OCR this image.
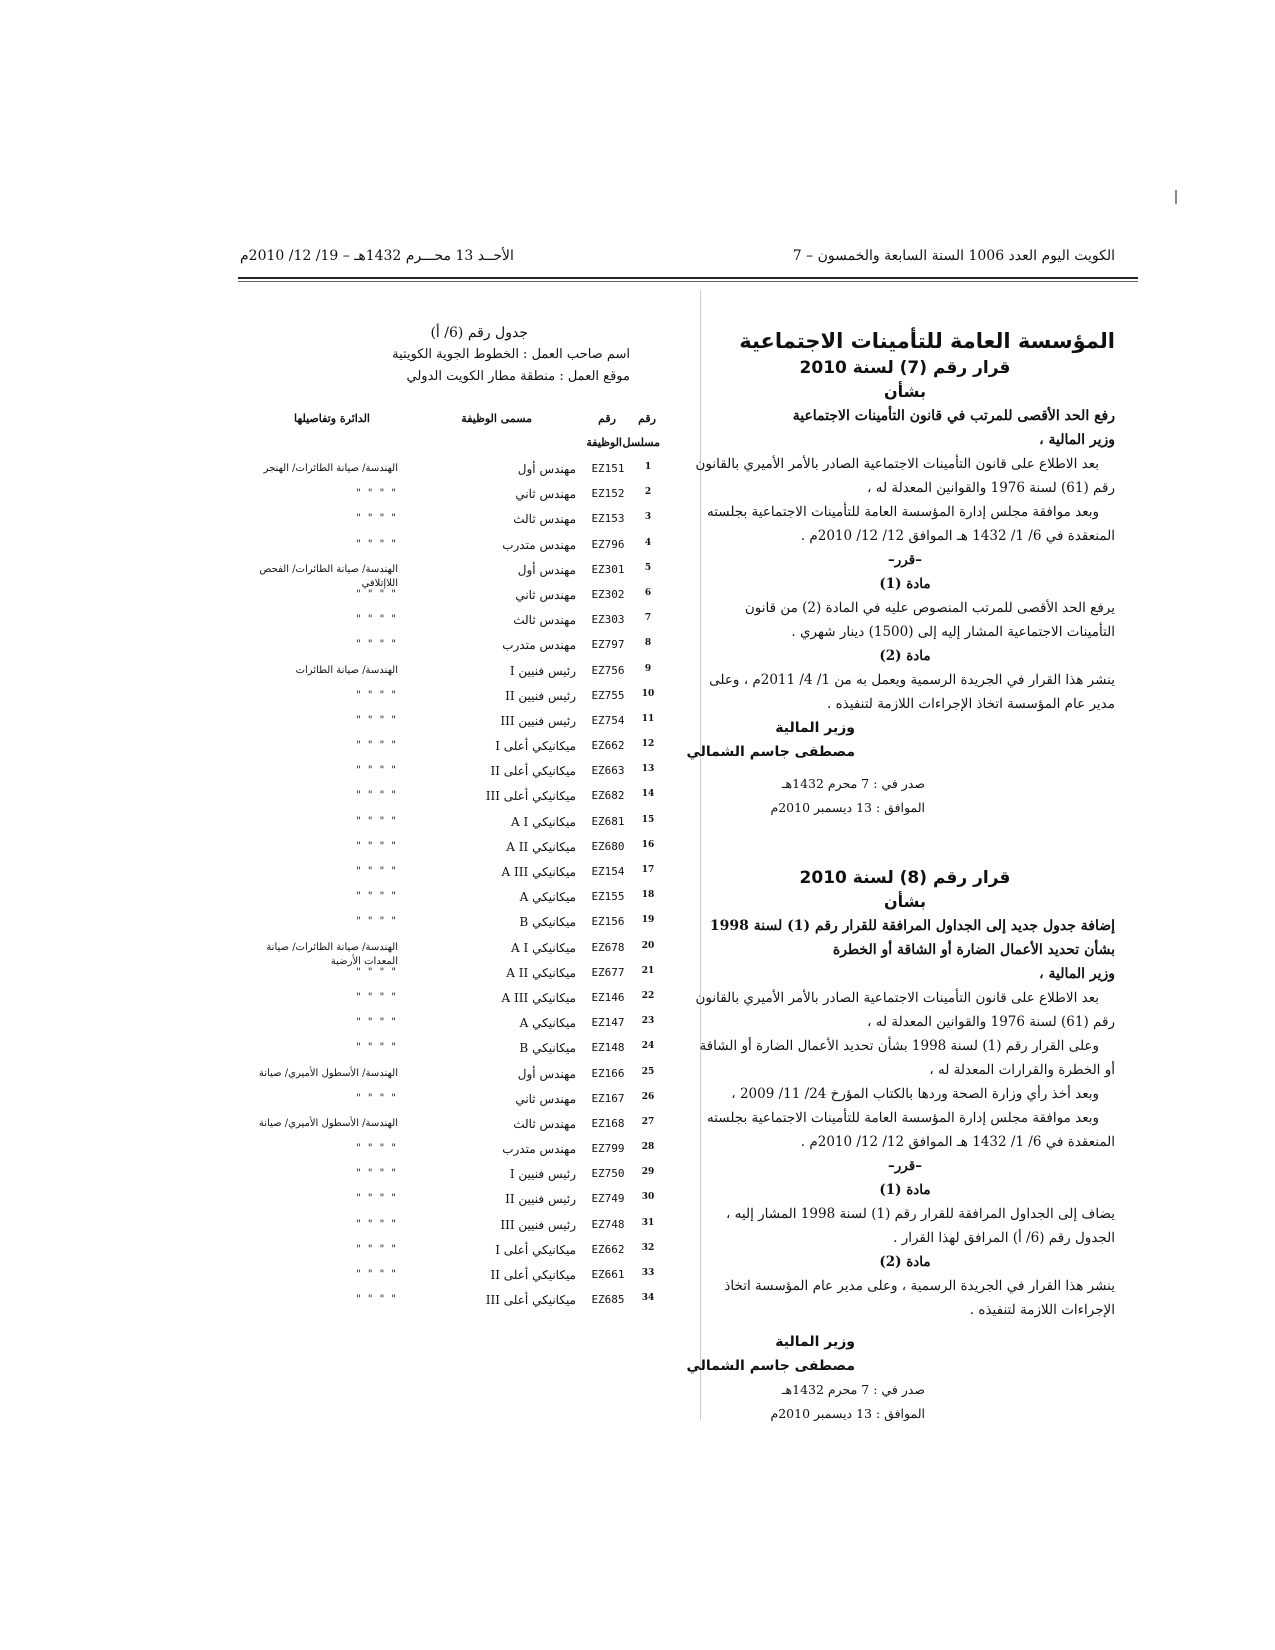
الكويت اليوم العدد 1006 السنة السابعة والخمسون – 7
الأحــد 13 محـــرم 1432هـ – 19/ 12/ 2010م

المؤسسة العامة للتأمينات الاجتماعية

قرار رقم (7) لسنة 2010

بشأن

رفع الحد الأقصى للمرتب في قانون التأمينات الاجتماعية

وزير المالية ،

بعد الاطلاع على قانون التأمينات الاجتماعية الصادر بالأمر الأميري بالقانون رقم (61) لسنة 1976 والقوانين المعدلة له ،

وبعد موافقة مجلس إدارة المؤسسة العامة للتأمينات الاجتماعية بجلسته المنعقدة في 6/ 1/ 1432 هـ الموافق 12/ 12/ 2010م .

–قرر–

مادة (1)

يرفع الحد الأقصى للمرتب المنصوص عليه في المادة (2) من قانون التأمينات الاجتماعية المشار إليه إلى (1500) دينار شهري .

مادة (2)

ينشر هذا القرار في الجريدة الرسمية ويعمل به من 1/ 4/ 2011م ، وعلى مدير عام المؤسسة اتخاذ الإجراءات اللازمة لتنفيذه .

وزير المالية

مصطفى جاسم الشمالي

صدر في : 7 محرم 1432هـ

الموافق : 13 ديسمبر 2010م

قرار رقم (8) لسنة 2010

بشأن

إضافة جدول جديد إلى الجداول المرافقة للقرار رقم (1) لسنة 1998 بشأن تحديد الأعمال الضارة أو الشاقة أو الخطرة

وزير المالية ،

بعد الاطلاع على قانون التأمينات الاجتماعية الصادر بالأمر الأميري بالقانون رقم (61) لسنة 1976 والقوانين المعدلة له ،

وعلى القرار رقم (1) لسنة 1998 بشأن تحديد الأعمال الضارة أو الشاقة أو الخطرة والقرارات المعدلة له ،

وبعد أخذ رأي وزارة الصحة وردها بالكتاب المؤرخ 24/ 11/ 2009 ،

وبعد موافقة مجلس إدارة المؤسسة العامة للتأمينات الاجتماعية بجلسته المنعقدة في 6/ 1/ 1432 هـ الموافق 12/ 12/ 2010م .

–قرر–

مادة (1)

يضاف إلى الجداول المرافقة للقرار رقم (1) لسنة 1998 المشار إليه ، الجدول رقم (6/ أ) المرافق لهذا القرار .

مادة (2)

ينشر هذا القرار في الجريدة الرسمية ، وعلى مدير عام المؤسسة اتخاذ الإجراءات اللازمة لتنفيذه .

وزير المالية

مصطفى جاسم الشمالي

صدر في : 7 محرم 1432هـ

الموافق : 13 ديسمبر 2010م

جدول رقم (6/ أ)
اسم صاحب العمل : الخطوط الجوية الكويتية
موقع العمل : منطقة مطار الكويت الدولي
رقم
مسلسل
رقم
الوظيفة
مسمى الوظيفة
الدائرة وتفاصيلها
1
EZ151
مهندس أول
الهندسة/ صيانة الطائرات/ الهنجر
2
EZ152
مهندس ثاني
" " " "
3
EZ153
مهندس ثالث
" " " "
4
EZ796
مهندس متدرب
" " " "
5
EZ301
مهندس أول
الهندسة/ صيانة الطائرات/ الفحص اللاإتلافي
6
EZ302
مهندس ثاني
" " " "
7
EZ303
مهندس ثالث
" " " "
8
EZ797
مهندس متدرب
" " " "
9
EZ756
رئيس فنيين I
الهندسة/ صيانة الطائرات
10
EZ755
رئيس فنيين II
" " " "
11
EZ754
رئيس فنيين III
" " " "
12
EZ662
ميكانيكي أعلى I
" " " "
13
EZ663
ميكانيكي أعلى II
" " " "
14
EZ682
ميكانيكي أعلى III
" " " "
15
EZ681
ميكانيكي A I
" " " "
16
EZ680
ميكانيكي A II
" " " "
17
EZ154
ميكانيكي A III
" " " "
18
EZ155
ميكانيكي A
" " " "
19
EZ156
ميكانيكي B
" " " "
20
EZ678
ميكانيكي A I
الهندسة/ صيانة الطائرات/ صيانة المعدات الأرضية
21
EZ677
ميكانيكي A II
" " " "
22
EZ146
ميكانيكي A III
" " " "
23
EZ147
ميكانيكي A
" " " "
24
EZ148
ميكانيكي B
" " " "
25
EZ166
مهندس أول
الهندسة/ الأسطول الأميري/ صيانة
26
EZ167
مهندس ثاني
" " " "
27
EZ168
مهندس ثالث
الهندسة/ الأسطول الأميري/ صيانة
28
EZ799
مهندس متدرب
" " " "
29
EZ750
رئيس فنيين I
" " " "
30
EZ749
رئيس فنيين II
" " " "
31
EZ748
رئيس فنيين III
" " " "
32
EZ662
ميكانيكي أعلى I
" " " "
33
EZ661
ميكانيكي أعلى II
" " " "
34
EZ685
ميكانيكي أعلى III
" " " "
